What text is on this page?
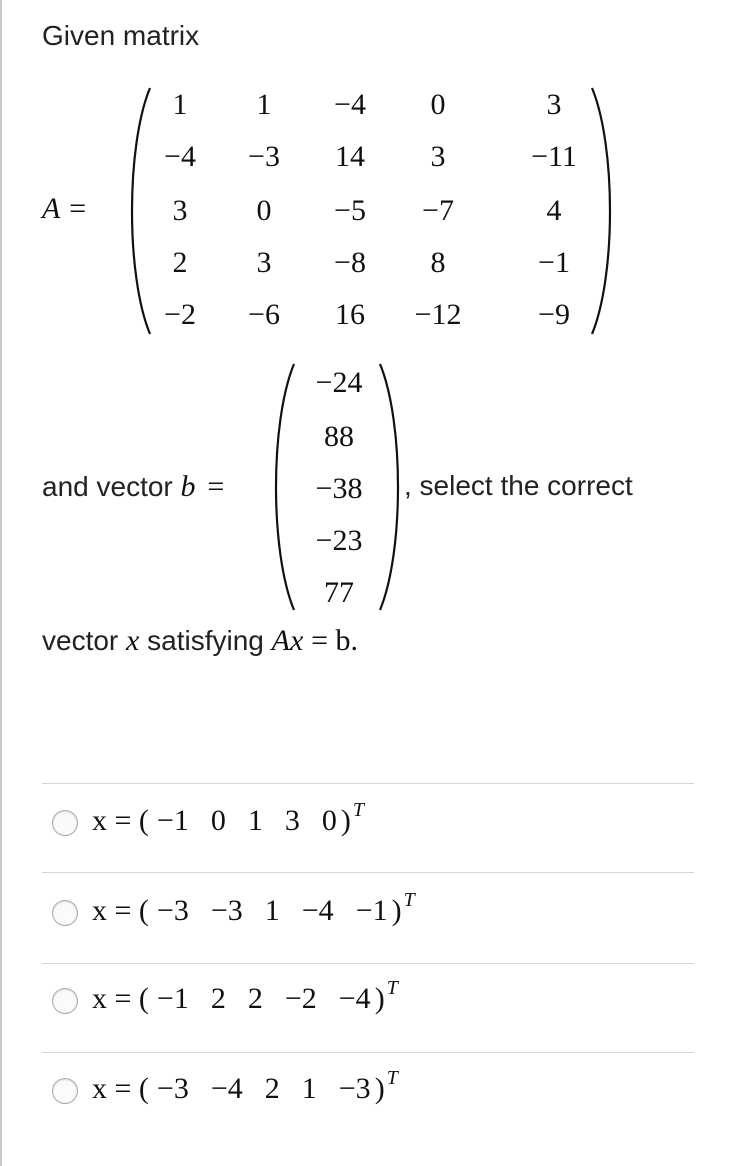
Given matrix
A =
1	1	−4	0	3
−4	−3	14	3	−11
3	0	−5	−7	4
2	3	−8	8	−1
−2	−6	16	−12	−9
and vector b =
−24
88
−38
−23
77
, select the correct
vector x satisfying Ax = b.
x = ( −1 0 1 3 0 ) $^T$
x = ( −3 −3 1 −4 −1 ) $^T$
x = ( −1 2 2 −2 −4 ) $^T$
x = ( −3 −4 2 1 −3 ) $^T$
